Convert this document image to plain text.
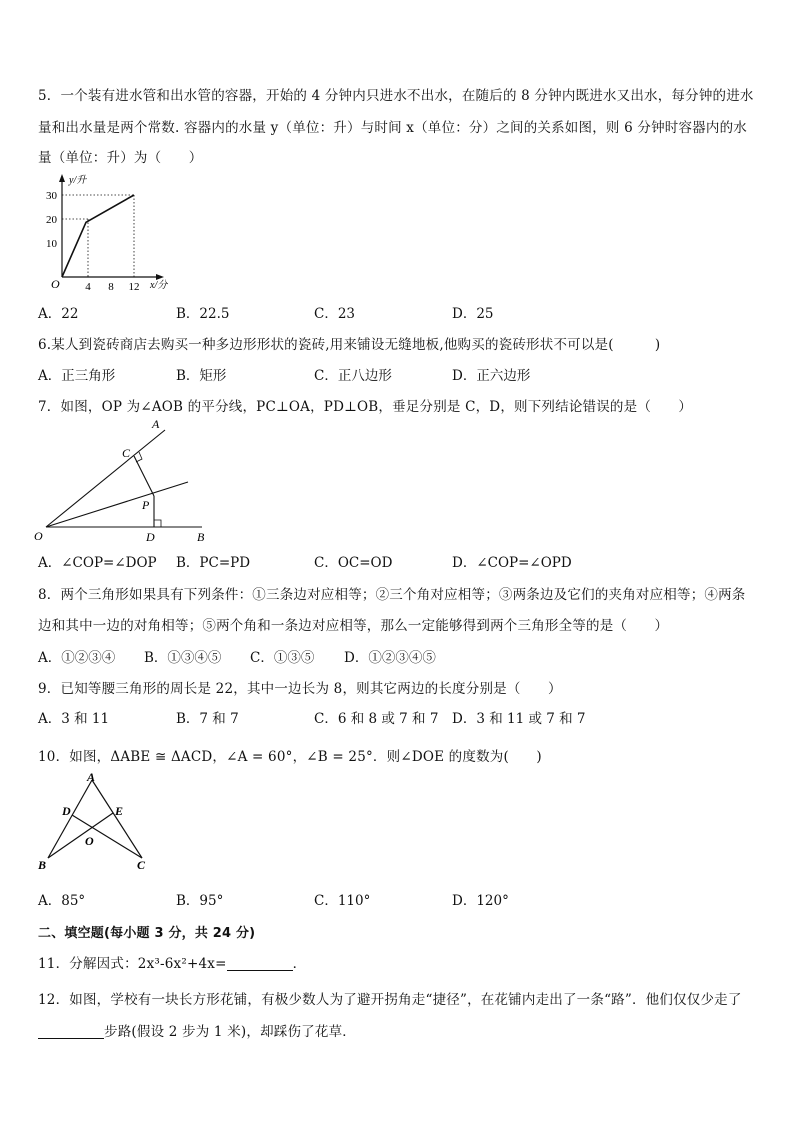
5．一个装有进水管和出水管的容器，开始的 4 分钟内只进水不出水，在随后的 8 分钟内既进水又出水，每分钟的进水
量和出水量是两个常数. 容器内的水量 y（单位：升）与时间 x（单位：分）之间的关系如图，则 6 分钟时容器内的水
量（单位：升）为（　　）
30
20
10
4 8 12
O
y/升
x/分
A．22	B．22.5	C．23	D．25
6.某人到瓷砖商店去购买一种多边形形状的瓷砖,用来铺设无缝地板,他购买的瓷砖形状不可以是(　　　)
A．正三角形	B．矩形	C．正八边形	D．正六边形
7．如图，OP 为∠AOB 的平分线，PC⊥OA，PD⊥OB，垂足分别是 C，D，则下列结论错误的是（　　）
A
C
P
O	D	B
A．∠COP=∠DOP B．PC=PD	C．OC=OD	D．∠COP=∠OPD
8．两个三角形如果具有下列条件：①三条边对应相等；②三个角对应相等；③两条边及它们的夹角对应相等；④两条
边和其中一边的对角相等；⑤两个角和一条边对应相等，那么一定能够得到两个三角形全等的是（　　）
A．①②③④ B．①③④⑤ C．①③⑤ D．①②③④⑤
9．已知等腰三角形的周长是 22，其中一边长为 8，则其它两边的长度分别是（　　）
A．3 和 11	B．7 和 7	C．6 和 8 或 7 和 7 D．3 和 11 或 7 和 7
10．如图，ΔABE ≅ ΔACD，∠A = 60°，∠B = 25°．则∠DOE 的度数为(　　)
A
D	E
O
B	C
A．85°	B．95°	C．110°	D．120°
二、填空题(每小题 3 分，共 24 分)
11．分解因式：2x³-6x²+4x=	．
12．如图，学校有一块长方形花铺，有极少数人为了避开拐角走“捷径”，在花铺内走出了一条“路”．他们仅仅少走了
步路(假设 2 步为 1 米)，却踩伤了花草．
